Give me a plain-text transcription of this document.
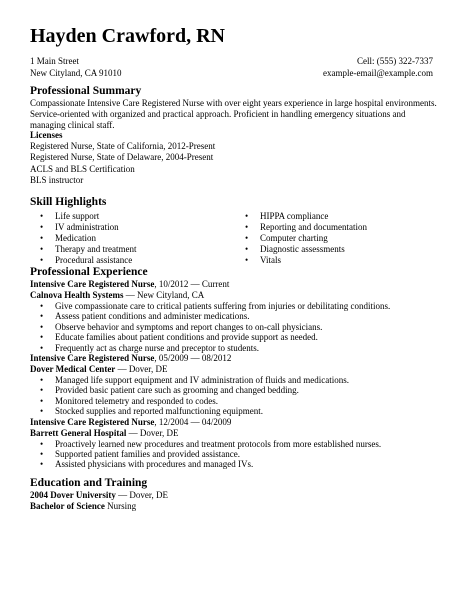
Hayden Crawford, RN
1 Main Street
New Cityland, CA 91010
Cell: (555) 322-7337
example-email@example.com
Professional Summary
Compassionate Intensive Care Registered Nurse with over eight years experience in large hospital environments. Service-oriented with organized and practical approach. Proficient in handling emergency situations and managing clinical staff.
Licenses
Registered Nurse, State of California, 2012-Present
Registered Nurse, State of Delaware, 2004-Present
ACLS and BLS Certification
BLS instructor
Skill Highlights
• Life support
• IV administration
• Medication
• Therapy and treatment
• Procedural assistance
• HIPPA compliance
• Reporting and documentation
• Computer charting
• Diagnostic assessments
• Vitals
Professional Experience
Intensive Care Registered Nurse, 10/2012 — Current
Calnova Health Systems — New Cityland, CA
• Give compassionate care to critical patients suffering from injuries or debilitating conditions.
• Assess patient conditions and administer medications.
• Observe behavior and symptoms and report changes to on-call physicians.
• Educate families about patient conditions and provide support as needed.
• Frequently act as charge nurse and preceptor to students.
Intensive Care Registered Nurse, 05/2009 — 08/2012
Dover Medical Center — Dover, DE
• Managed life support equipment and IV administration of fluids and medications.
• Provided basic patient care such as grooming and changed bedding.
• Monitored telemetry and responded to codes.
• Stocked supplies and reported malfunctioning equipment.
Intensive Care Registered Nurse, 12/2004 — 04/2009
Barrett General Hospital — Dover, DE
• Proactively learned new procedures and treatment protocols from more established nurses.
• Supported patient families and provided assistance.
• Assisted physicians with procedures and managed IVs.
Education and Training
2004 Dover University — Dover, DE
Bachelor of Science Nursing
